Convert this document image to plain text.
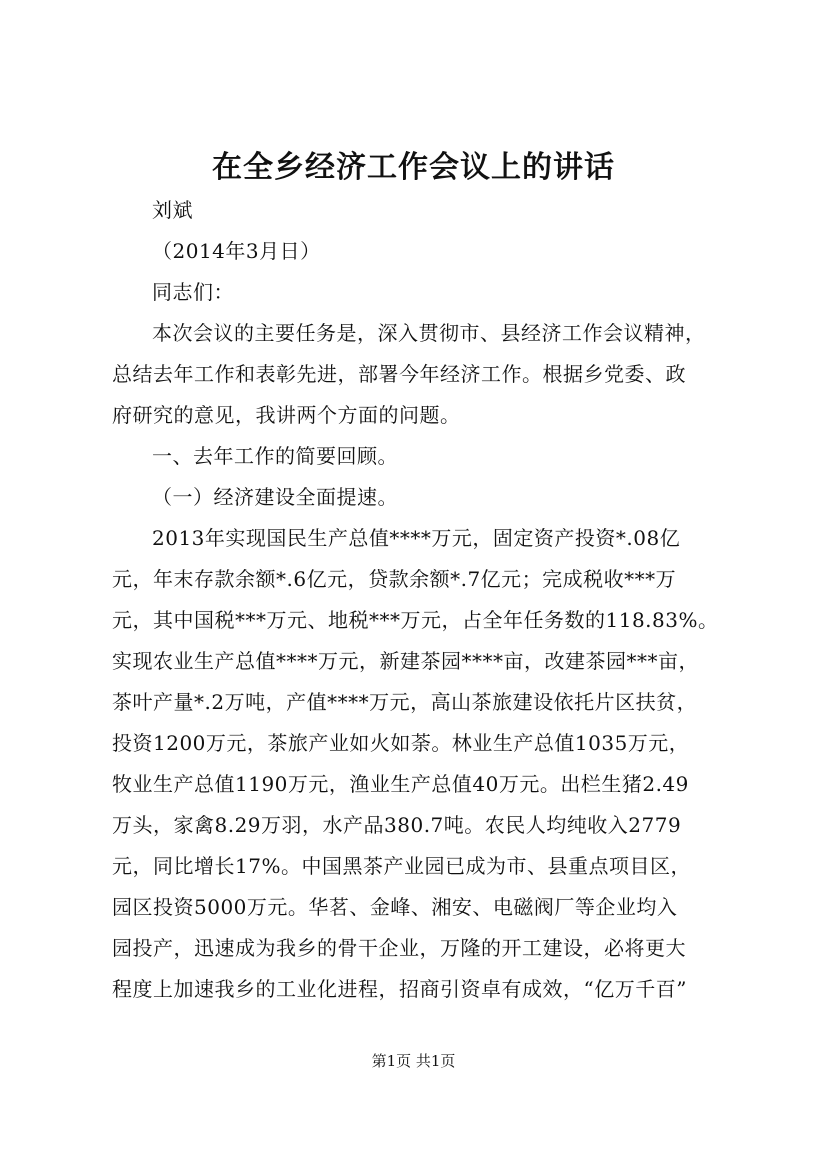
在全乡经济工作会议上的讲话
刘斌
（2014年3月日）
同志们：
本次会议的主要任务是，深入贯彻市、县经济工作会议精神，
总结去年工作和表彰先进，部署今年经济工作。根据乡党委、政
府研究的意见，我讲两个方面的问题。
一、去年工作的简要回顾。
（一）经济建设全面提速。
2013年实现国民生产总值****万元，固定资产投资*.08亿
元，年末存款余额*.6亿元，贷款余额*.7亿元；完成税收***万
元，其中国税***万元、地税***万元，占全年任务数的118.83%。
实现农业生产总值****万元，新建茶园****亩，改建茶园***亩，
茶叶产量*.2万吨，产值****万元，高山茶旅建设依托片区扶贫，
投资1200万元，茶旅产业如火如荼。林业生产总值1035万元，
牧业生产总值1190万元，渔业生产总值40万元。出栏生猪2.49
万头，家禽8.29万羽，水产品380.7吨。农民人均纯收入2779
元，同比增长17%。中国黑茶产业园已成为市、县重点项目区，
园区投资5000万元。华茗、金峰、湘安、电磁阀厂等企业均入
园投产，迅速成为我乡的骨干企业，万隆的开工建设，必将更大
程度上加速我乡的工业化进程，招商引资卓有成效，“亿万千百”
第1页 共1页
